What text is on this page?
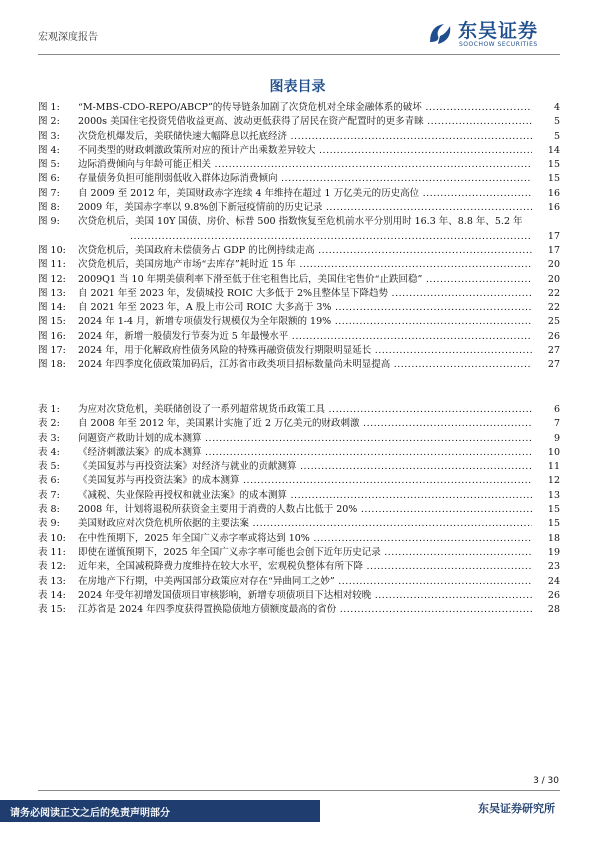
宏观深度报告	东吴证券
SOOCHOW SECURITIES
图表目录
图 1: “M-MBS-CDO-REPO/ABCP”的传导链条加剧了次贷危机对全球金融体系的破坏 .....	4
图 2: 2000s 美国住宅投资凭借收益更高、波动更低获得了居民在资产配置时的更多青睐 .....	5
图 3: 次贷危机爆发后，美联储快速大幅降息以托底经济 .....	5
图 4: 不同类型的财政刺激政策所对应的预计产出乘数差异较大 .....	14
图 5: 边际消费倾向与年龄可能正相关 .....	15
图 6: 存量债务负担可能削弱低收入群体边际消费倾向 .....	15
图 7: 自 2009 至 2012 年，美国财政赤字连续 4 年维持在超过 1 万亿美元的历史高位 .....	16
图 8: 2009 年，美国赤字率以 9.8%创下新冠疫情前的历史记录 .....	16
图 9: 次贷危机后，美国 10Y 国债、房价、标普 500 指数恢复至危机前水平分别用时 16.3 年、8.8 年、5.2 年
.....
17
图 10: 次贷危机后，美国政府未偿债务占 GDP 的比例持续走高 .....	17
图 11: 次贷危机后，美国房地产市场“去库存”耗时近 15 年 .....	20
图 12: 2009Q1 当 10 年期美债利率下滑至低于住宅租售比后，美国住宅售价“止跌回稳” .....	20
图 13: 自 2021 年至 2023 年，发债城投 ROIC 大多低于 2%且整体呈下降趋势 .....	22
图 14: 自 2021 年至 2023 年，A 股上市公司 ROIC 大多高于 3% .....	22
图 15: 2024 年 1-4 月，新增专项债发行规模仅为全年限额的 19% .....	25
图 16: 2024 年，新增一般债发行节奏为近 5 年最慢水平 .....	26
图 17: 2024 年，用于化解政府性债务风险的特殊再融资债发行期限明显延长 .....	27
图 18: 2024 年四季度化债政策加码后，江苏省市政类项目招标数量尚未明显提高 .....	27
表 1: 为应对次贷危机，美联储创设了一系列超常规货币政策工具 .....	6
表 2: 自 2008 年至 2012 年，美国累计实施了近 2 万亿美元的财政刺激 .....	7
表 3: 问题资产救助计划的成本测算 .....	9
表 4: 《经济刺激法案》的成本测算 .....	10
表 5: 《美国复苏与再投资法案》对经济与就业的贡献测算 .....	11
表 6: 《美国复苏与再投资法案》的成本测算 .....	12
表 7: 《减税、失业保险再授权和就业法案》的成本测算 .....	13
表 8: 2008 年，计划将退税所获资金主要用于消费的人数占比低于 20% .....	15
表 9: 美国财政应对次贷危机所依据的主要法案 .....	15
表 10: 在中性预期下，2025 年全国广义赤字率或将达到 10% .....	18
表 11: 即使在谨慎预期下，2025 年全国广义赤字率可能也会创下近年历史记录 .....	19
表 12: 近年来，全国减税降费力度维持在较大水平，宏观税负整体有所下降 .....	23
表 13: 在房地产下行期，中美两国部分政策应对存在“异曲同工之妙” .....	24
表 14: 2024 年受年初增发国债项目审核影响，新增专项债项目下达相对较晚 .....	26
表 15: 江苏省是 2024 年四季度获得置换隐债地方债额度最高的省份 .....	28
3 / 30
请务必阅读正文之后的免责声明部分	东吴证券研究所
